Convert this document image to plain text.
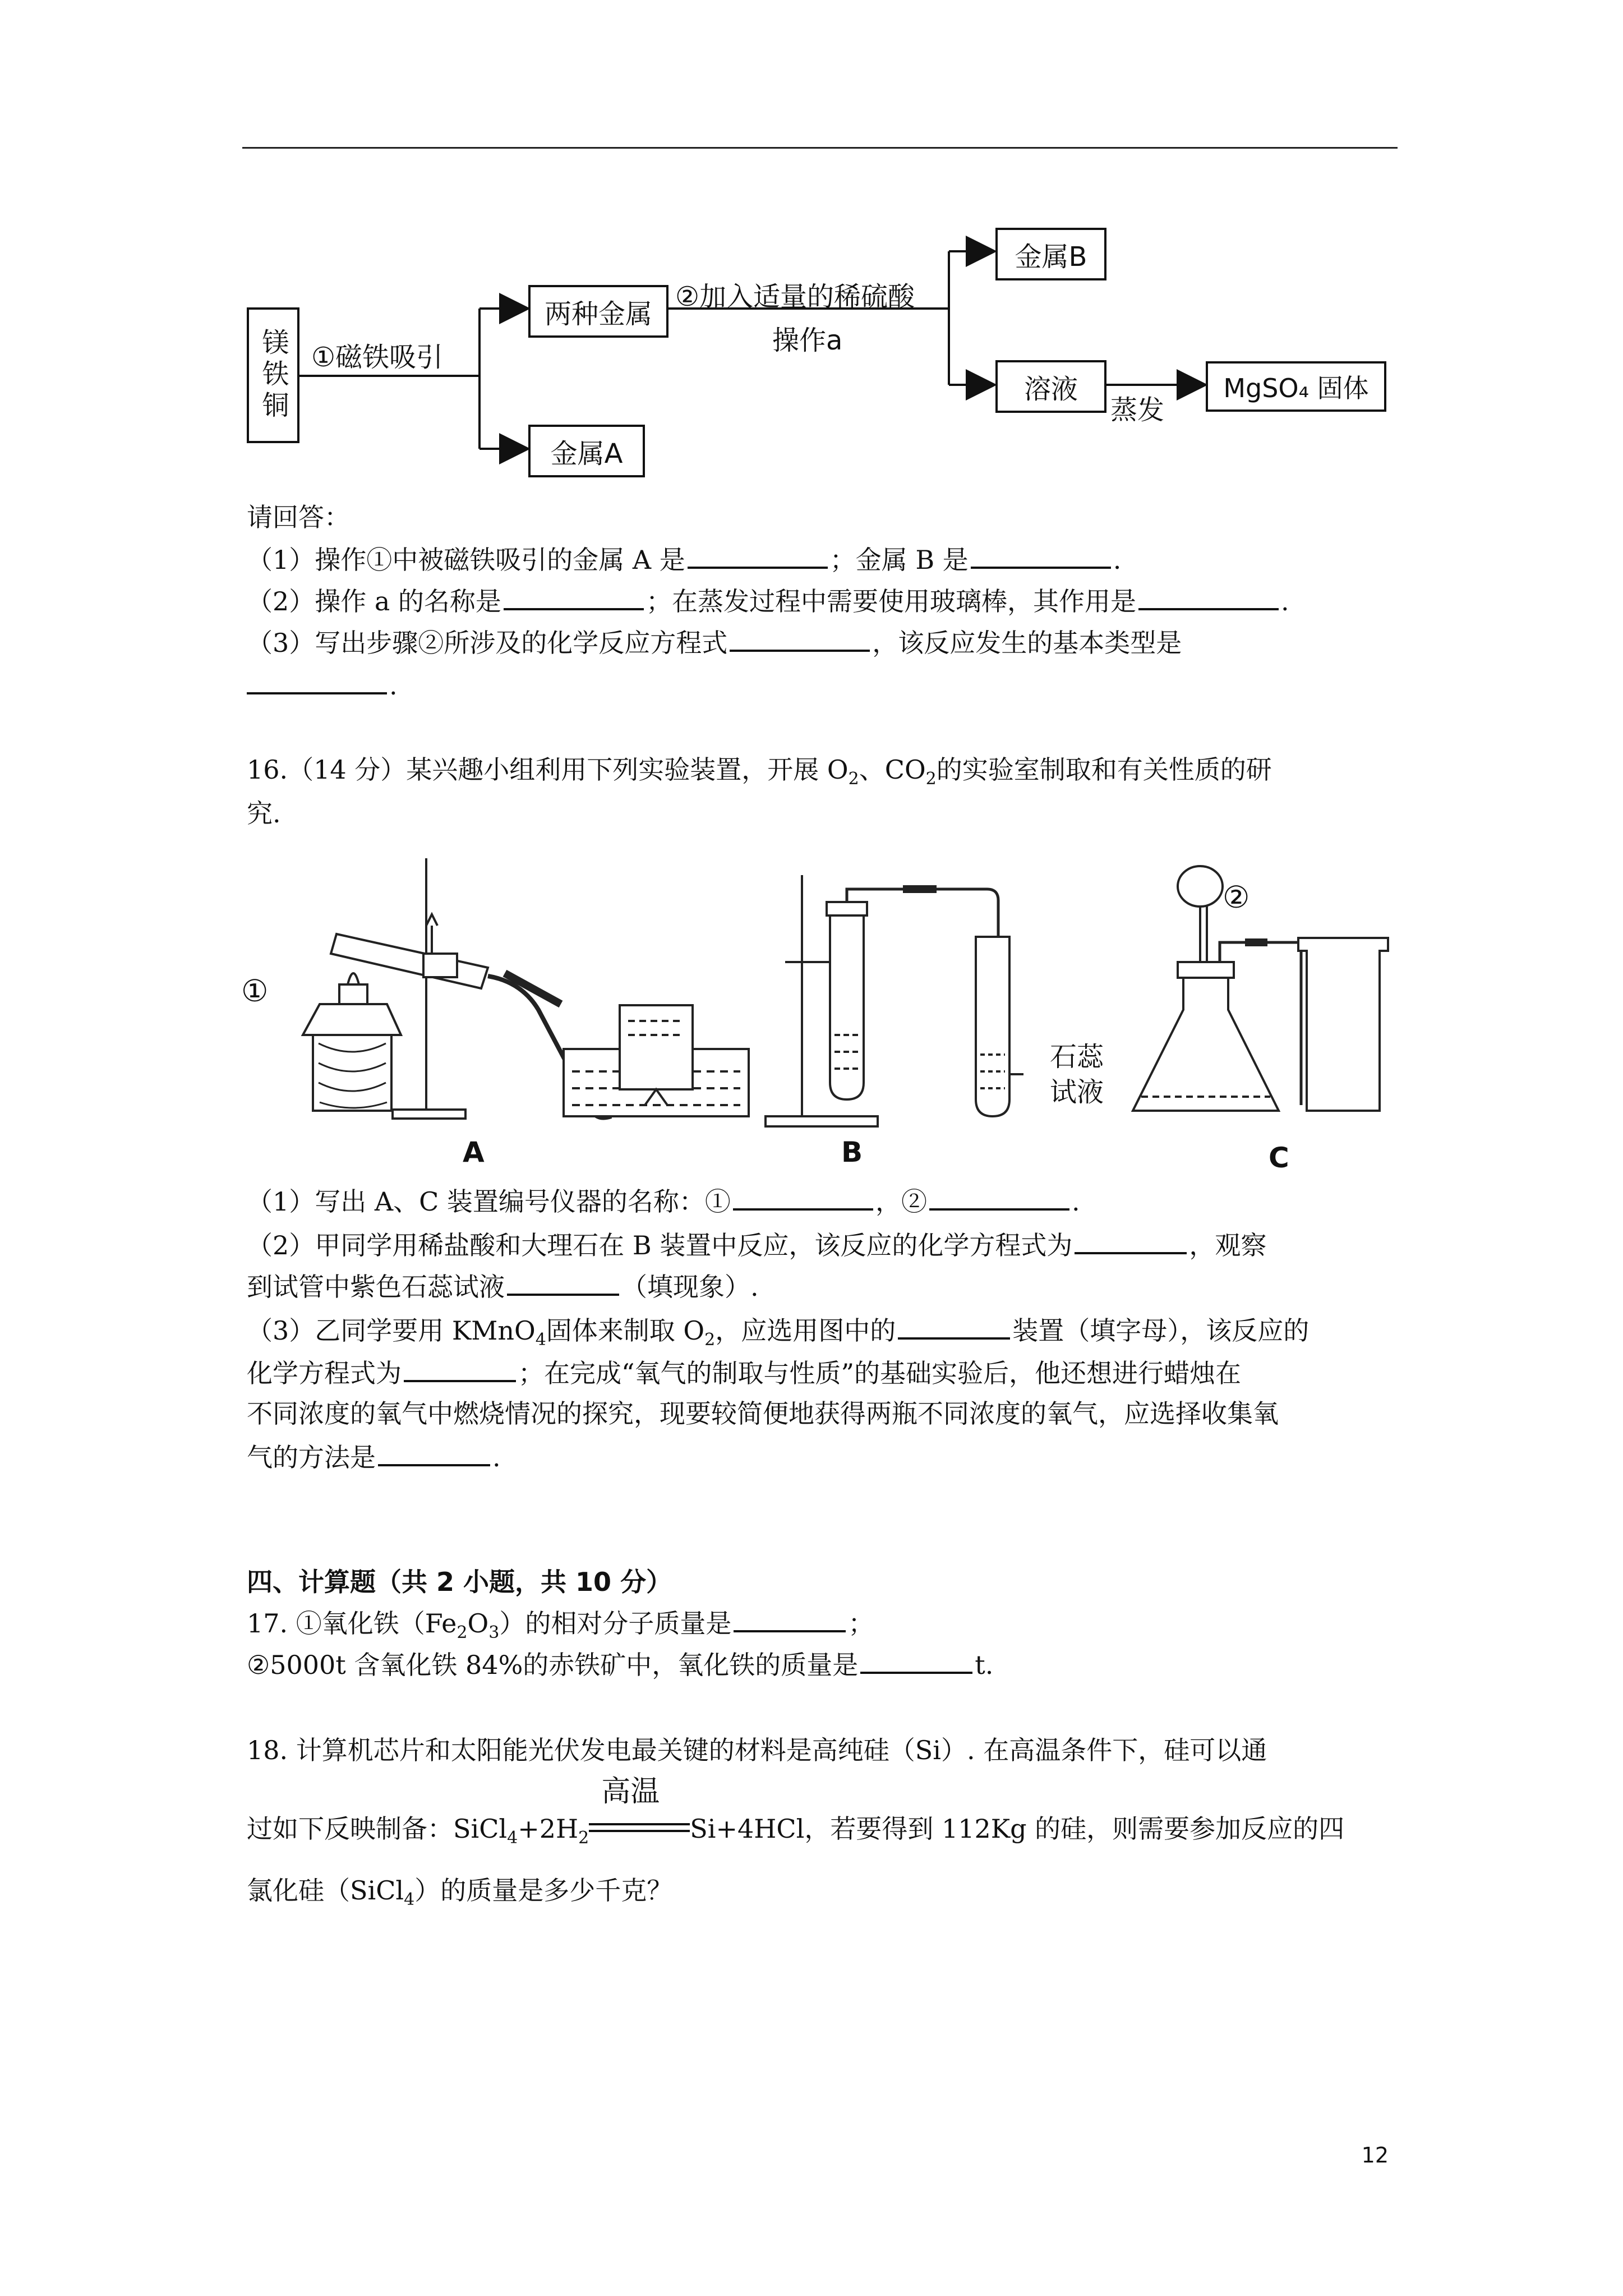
镁铁铜 ①磁铁吸引
两种金属
金属A
②加入适量的稀硫酸
操作a
金属B
溶液
蒸发
MgSO₄ 固体
请回答：
（1）操作①中被磁铁吸引的金属 A 是	；金属 B 是	.
（2）操作 a 的名称是	；在蒸发过程中需要使用玻璃棒，其作用是	.
（3）写出步骤②所涉及的化学反应方程式	，该反应发生的基本类型是
.
16.（14 分）某兴趣小组利用下列实验装置，开展 $O_2$、$CO_2$的实验室制取和有关性质的研
究.
A	B	C
①
②
石蕊
试液
（1）写出 A、C 装置编号仪器的名称：①	，②	.
（2）甲同学用稀盐酸和大理石在 B 装置中反应，该反应的化学方程式为	，观察
到试管中紫色石蕊试液	（填现象）.
（3）乙同学要用 KMnO$_4$固体来制取 $O_2$，应选用图中的	装置（填字母），该反应的
化学方程式为	；在完成“氧气的制取与性质”的基础实验后，他还想进行蜡烛在
不同浓度的氧气中燃烧情况的探究，现要较简便地获得两瓶不同浓度的氧气，应选择收集氧
气的方法是	.
四、计算题（共 2 小题，共 10 分）
17. ①氧化铁$(Fe_2O_3)$的相对分子质量是	；
②5000t 含氧化铁 84%的赤铁矿中，氧化铁的质量是	t.
18. 计算机芯片和太阳能光伏发电最关键的材料是高纯硅（Si）. 在高温条件下，硅可以通
过如下反映制备：$SiCl_4+2H_2$
高温
Si+4HCl，若要得到 112Kg 的硅，则需要参加反应的四
氯化硅（SiCl$_4$）的质量是多少千克？
12
